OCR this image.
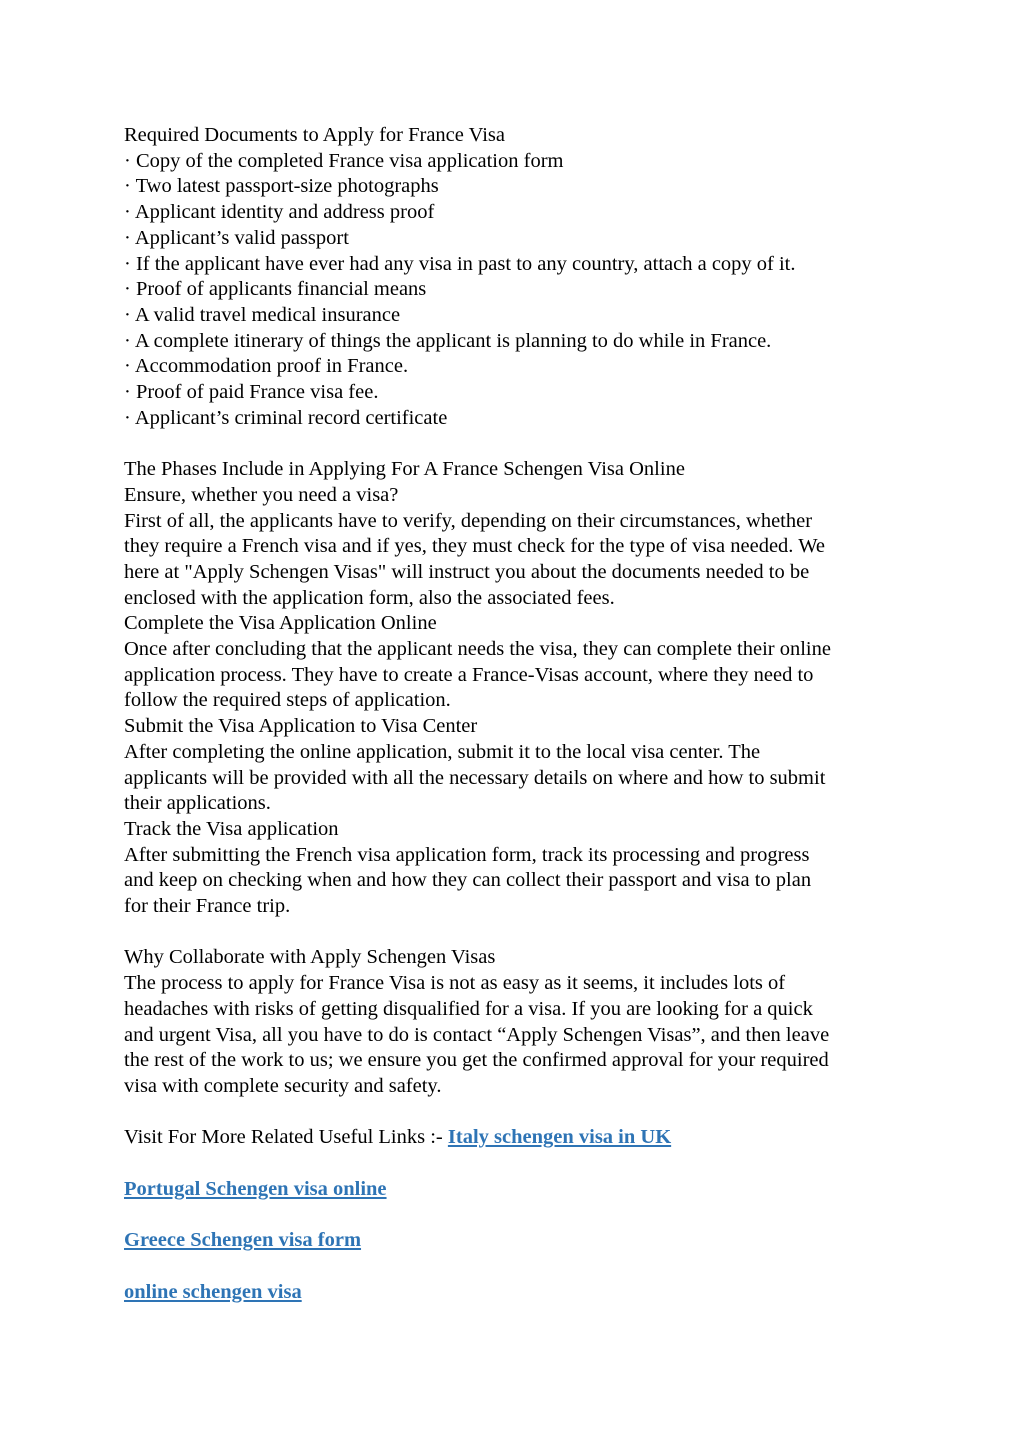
Required Documents to Apply for France Visa
· Copy of the completed France visa application form
· Two latest passport-size photographs
· Applicant identity and address proof
· Applicant’s valid passport
· If the applicant have ever had any visa in past to any country, attach a copy of it.
· Proof of applicants financial means
· A valid travel medical insurance
· A complete itinerary of things the applicant is planning to do while in France.
· Accommodation proof in France.
· Proof of paid France visa fee.
· Applicant’s criminal record certificate
The Phases Include in Applying For A France Schengen Visa Online
Ensure, whether you need a visa?
First of all, the applicants have to verify, depending on their circumstances, whether
they require a French visa and if yes, they must check for the type of visa needed. We
here at "Apply Schengen Visas" will instruct you about the documents needed to be
enclosed with the application form, also the associated fees.
Complete the Visa Application Online
Once after concluding that the applicant needs the visa, they can complete their online
application process. They have to create a France-Visas account, where they need to
follow the required steps of application.
Submit the Visa Application to Visa Center
After completing the online application, submit it to the local visa center. The
applicants will be provided with all the necessary details on where and how to submit
their applications.
Track the Visa application
After submitting the French visa application form, track its processing and progress
and keep on checking when and how they can collect their passport and visa to plan
for their France trip.
Why Collaborate with Apply Schengen Visas
The process to apply for France Visa is not as easy as it seems, it includes lots of
headaches with risks of getting disqualified for a visa. If you are looking for a quick
and urgent Visa, all you have to do is contact “Apply Schengen Visas”, and then leave
the rest of the work to us; we ensure you get the confirmed approval for your required
visa with complete security and safety.
Visit For More Related Useful Links :- Italy schengen visa in UK
Portugal Schengen visa online
Greece Schengen visa form
online schengen visa
